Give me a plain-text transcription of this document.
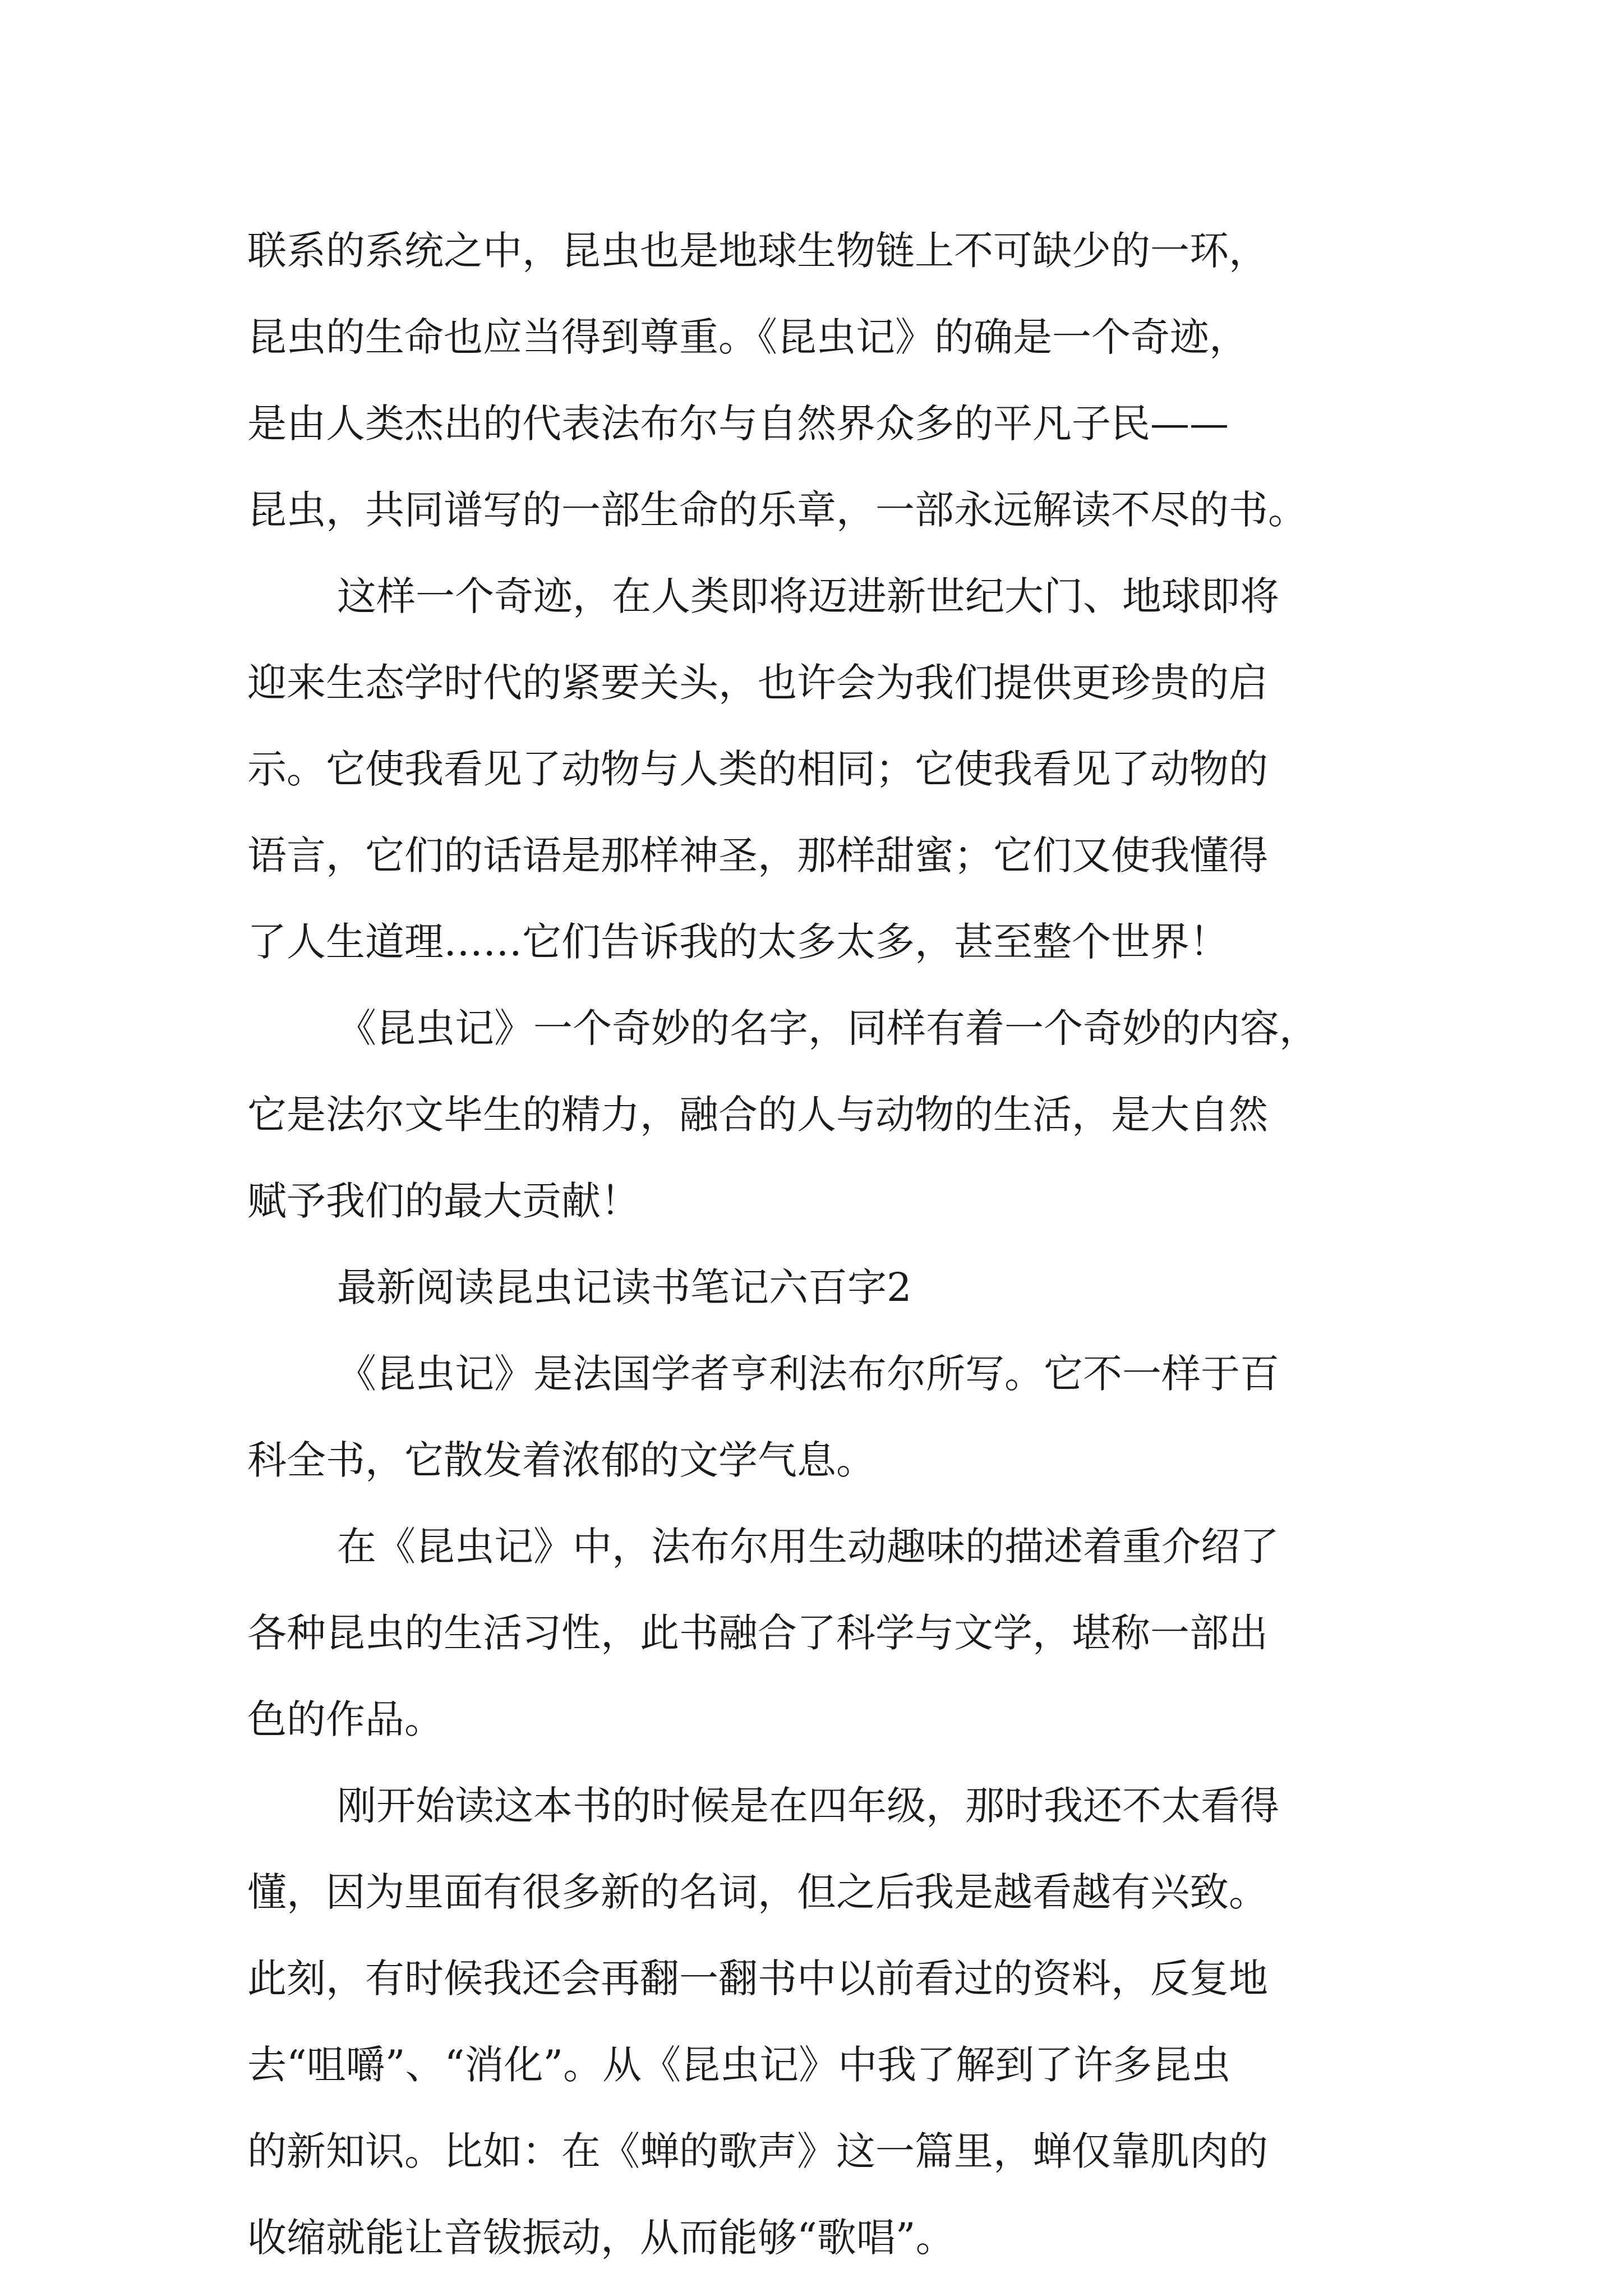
联系的系统之中，昆虫也是地球生物链上不可缺少的一环，
昆虫的生命也应当得到尊重。《昆虫记》的确是一个奇迹，
是由人类杰出的代表法布尔与自然界众多的平凡子民——
昆虫，共同谱写的一部生命的乐章，一部永远解读不尽的书。
这样一个奇迹，在人类即将迈进新世纪大门、地球即将
迎来生态学时代的紧要关头，也许会为我们提供更珍贵的启
示。它使我看见了动物与人类的相同；它使我看见了动物的
语言，它们的话语是那样神圣，那样甜蜜；它们又使我懂得
了人生道理……它们告诉我的太多太多，甚至整个世界！
《昆虫记》一个奇妙的名字，同样有着一个奇妙的内容，
它是法尔文毕生的精力，融合的人与动物的生活，是大自然
赋予我们的最大贡献！
最新阅读昆虫记读书笔记六百字2
《昆虫记》是法国学者亨利法布尔所写。它不一样于百
科全书，它散发着浓郁的文学气息。
在《昆虫记》中，法布尔用生动趣味的描述着重介绍了
各种昆虫的生活习性，此书融合了科学与文学，堪称一部出
色的作品。
刚开始读这本书的时候是在四年级，那时我还不太看得
懂，因为里面有很多新的名词，但之后我是越看越有兴致。
此刻，有时候我还会再翻一翻书中以前看过的资料，反复地
去“咀嚼”、“消化”。从《昆虫记》中我了解到了许多昆虫
的新知识。比如：在《蝉的歌声》这一篇里，蝉仅靠肌肉的
收缩就能让音钹振动，从而能够“歌唱”。
